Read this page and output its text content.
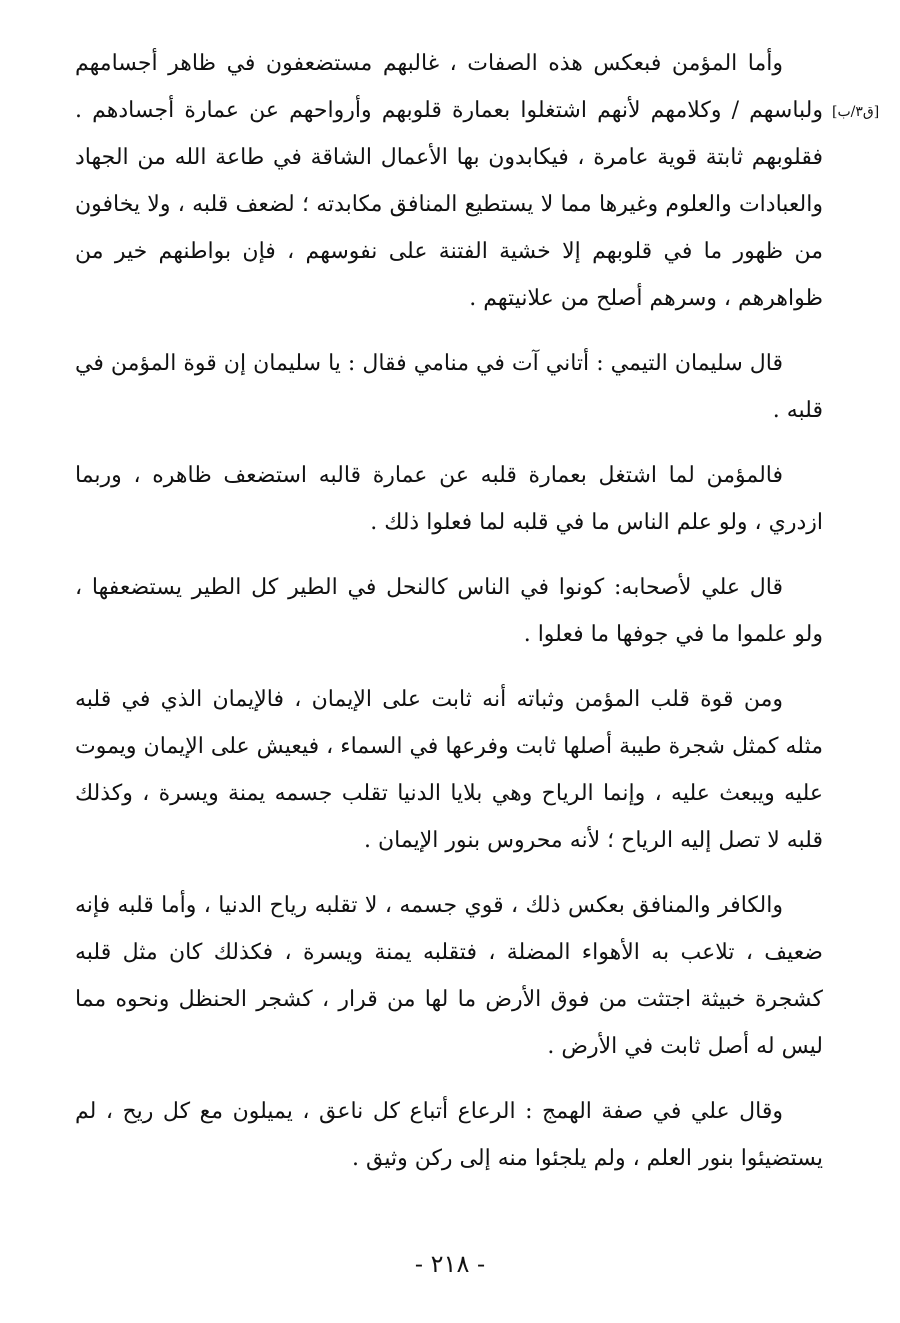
[ق٣/ب]

وأما المؤمن فبعكس هذه الصفات ، غالبهم مستضعفون في ظاهر أجسامهم ولباسهم / وكلامهم لأنهم اشتغلوا بعمارة قلوبهم وأرواحهم عن عمارة أجسادهم . فقلوبهم ثابتة قوية عامرة ، فيكابدون بها الأعمال الشاقة في طاعة الله من الجهاد والعبادات والعلوم وغيرها مما لا يستطيع المنافق مكابدته ؛ لضعف قلبه ، ولا يخافون من ظهور ما في قلوبهم إلا خشية الفتنة على نفوسهم ، فإن بواطنهم خير من ظواهرهم ، وسرهم أصلح من علانيتهم .

قال سليمان التيمي : أتاني آت في منامي فقال : يا سليمان إن قوة المؤمن في قلبه .

فالمؤمن لما اشتغل بعمارة قلبه عن عمارة قالبه استضعف ظاهره ، وربما ازدري ، ولو علم الناس ما في قلبه لما فعلوا ذلك .

قال علي لأصحابه: كونوا في الناس كالنحل في الطير كل الطير يستضعفها ، ولو علموا ما في جوفها ما فعلوا .

ومن قوة قلب المؤمن وثباته أنه ثابت على الإيمان ، فالإيمان الذي في قلبه مثله كمثل شجرة طيبة أصلها ثابت وفرعها في السماء ، فيعيش على الإيمان ويموت عليه ويبعث عليه ، وإنما الرياح وهي بلايا الدنيا تقلب جسمه يمنة ويسرة ، وكذلك قلبه لا تصل إليه الرياح ؛ لأنه محروس بنور الإيمان .

والكافر والمنافق بعكس ذلك ، قوي جسمه ، لا تقلبه رياح الدنيا ، وأما قلبه فإنه ضعيف ، تلاعب به الأهواء المضلة ، فتقلبه يمنة ويسرة ، فكذلك كان مثل قلبه كشجرة خبيثة اجتثت من فوق الأرض ما لها من قرار ، كشجر الحنظل ونحوه مما ليس له أصل ثابت في الأرض .

وقال علي في صفة الهمج : الرعاع أتباع كل ناعق ، يميلون مع كل ريح ، لم يستضيئوا بنور العلم ، ولم يلجئوا منه إلى ركن وثيق .

- ٢١٨ -
